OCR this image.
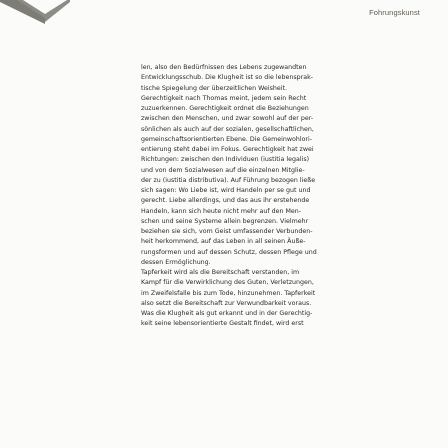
Fohrungskunst
len, also den Bedürfnissen des Lebens zugewandten
Entwicklungsschub. Die Klugheit ist so die lebensprak-
tische Spiegelung der überzeitlichen Weisheit.
Gerechtigkeit nach Thomas meint, jedem sein Recht
zuzuerkennen. Gerechtigkeit ordnet die Beziehungen
zwischen den Menschen, und zwar sowohl auf der per-
sönlichen als auch auf der sozialen, gesellschaftlichen,
gemeinschaftsorientierten Ebene. Die Gemeinwohlori-
entierung steht dabei im Fokus. Gerechtigkeit hat zwei
Richtungen: zwischen den Individuen (iustitia legalis)
und von dem Sozialwesen auf die einzelnen Mitglie-
der zu (iustitia distributiva). Auf Führung bezogen ließe
sich sagen: Wo Liebe ist, wird Handeln per se gut und
gerecht. Liebe allerdings, und das aus ihr erstehende
Handeln, kann sich heute nicht mehr auf den Men-
schen und seine Systeme allein begrenzen. Vielmehr
beziehen sie sich, vom Geist umfassender Verbunden-
heit herkommend, auf das Leben in all seinen Äuße-
rungsformen und auf dessen Schutz, dessen Pflege und
dessen Ermöglichung.
Tapferkeit wird als die Bereitschaft verstanden, im
Kampf für die Verwirklichung des Guten, Verletzungen,
im Zweifelsfalle bis zum Tode, hinzunehmen. Tapferkeit
also setzt die Bereitschaft zur Verwundbarkeit voraus.
Was die Klugheit als gut erkannt und in der Gerechtig-
keit seine lebensorientierte Gestalt findet, wird erst
